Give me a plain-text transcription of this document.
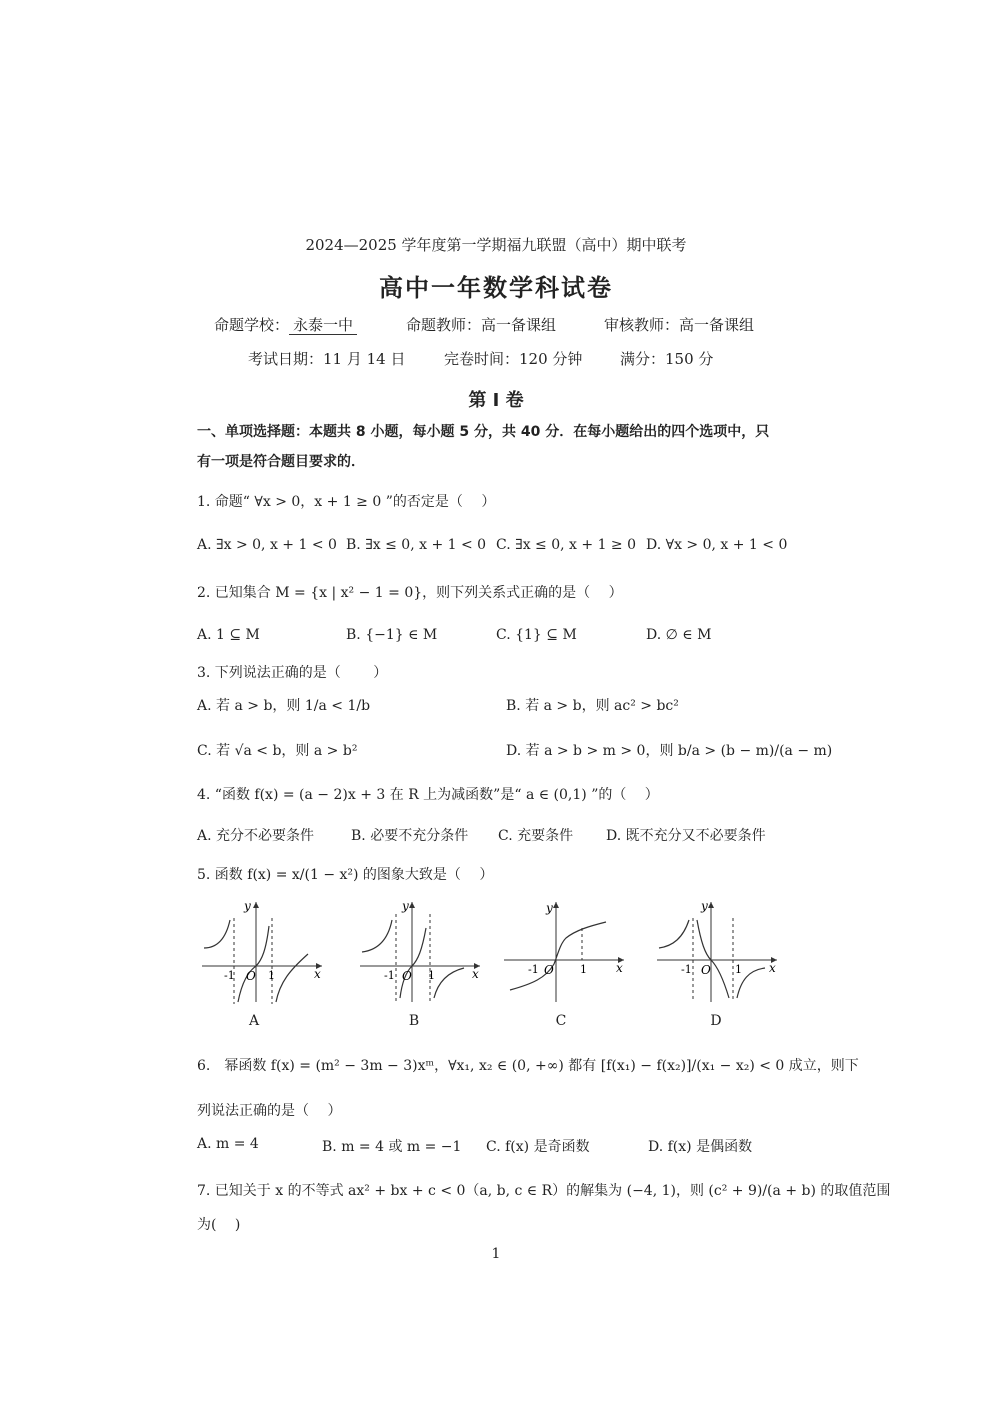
2024—2025 学年度第一学期福九联盟（高中）期中联考
高中一年数学科试卷
命题学校： 永泰一中	命题教师：高一备课组	审核教师：高一备课组
考试日期：11 月 14 日	完卷时间：120 分钟	满分：150 分
第 Ⅰ 卷
一、单项选择题：本题共 8 小题，每小题 5 分，共 40 分．在每小题给出的四个选项中，只
有一项是符合题目要求的．
1. 命题“ ∀x > 0，x + 1 ≥ 0 ”的否定是（　 ）
A. ∃x > 0, x + 1 < 0 B. ∃x ≤ 0, x + 1 < 0 C. ∃x ≤ 0, x + 1 ≥ 0 D. ∀x > 0, x + 1 < 0
2. 已知集合 M = {x | x² − 1 = 0}，则下列关系式正确的是（　 ）
A. 1 ⊆ M	B. {−1} ∈ M	C. {1} ⊆ M	D. ∅ ∈ M
3. 下列说法正确的是（　　 ）
A. 若 a > b，则 1/a < 1/b	B. 若 a > b，则 ac² > bc²
C. 若 √a < b，则 a > b²	D. 若 a > b > m > 0，则 b/a > (b − m)/(a − m)
4. “函数 f(x) = (a − 2)x + 3 在 R 上为减函数”是“ a ∈ (0,1) ”的（　 ）
A. 充分不必要条件	B. 必要不充分条件 C. 充要条件 D. 既不充分又不必要条件
5. 函数 f(x) = x/(1 − x²) 的图象大致是（　 ）
-1	1
O	x
y
A
-1	1
O	x
y
B
-1	1
O	x
y
C
-1	1
O	x
y
D
6.　幂函数 f(x) = (m² − 3m − 3)xᵐ，∀x₁, x₂ ∈ (0, +∞) 都有 [f(x₁) − f(x₂)]/(x₁ − x₂) < 0 成立，则下
列说法正确的是（　 ）
A. m = 4	B. m = 4 或 m = −1 C. f(x) 是奇函数	D. f(x) 是偶函数
7. 已知关于 x 的不等式 ax² + bx + c < 0（a, b, c ∈ R）的解集为 (−4, 1)，则 (c² + 9)/(a + b) 的取值范围
为(　 )
1
